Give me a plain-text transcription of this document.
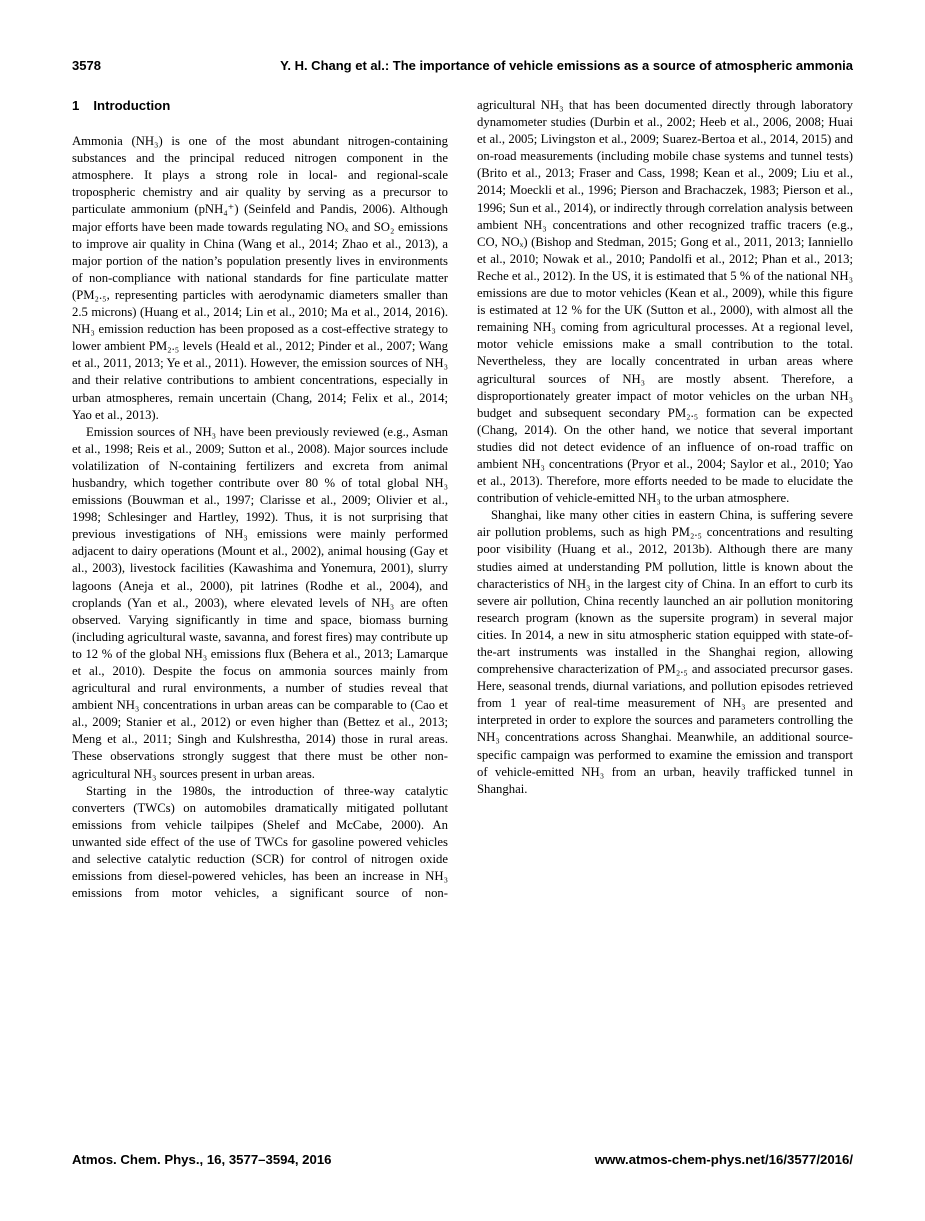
3578	Y. H. Chang et al.: The importance of vehicle emissions as a source of atmospheric ammonia
1 Introduction

Ammonia (NH₃) is one of the most abundant nitrogen-containing substances and the principal reduced nitrogen component in the atmosphere. It plays a strong role in local- and regional-scale tropospheric chemistry and air quality by serving as a precursor to particulate ammonium (pNH₄⁺) (Seinfeld and Pandis, 2006). Although major efforts have been made towards regulating NOₓ and SO₂ emissions to improve air quality in China (Wang et al., 2014; Zhao et al., 2013), a major portion of the nation’s population presently lives in environments of non-compliance with national standards for fine particulate matter (PM₂.₅, representing particles with aerodynamic diameters smaller than 2.5 microns) (Huang et al., 2014; Lin et al., 2010; Ma et al., 2014, 2016). NH₃ emission reduction has been proposed as a cost-effective strategy to lower ambient PM₂.₅ levels (Heald et al., 2012; Pinder et al., 2007; Wang et al., 2011, 2013; Ye et al., 2011). However, the emission sources of NH₃ and their relative contributions to ambient concentrations, especially in urban atmospheres, remain uncertain (Chang, 2014; Felix et al., 2014; Yao et al., 2013).

Emission sources of NH₃ have been previously reviewed (e.g., Asman et al., 1998; Reis et al., 2009; Sutton et al., 2008). Major sources include volatilization of N-containing fertilizers and excreta from animal husbandry, which together contribute over 80 % of total global NH₃ emissions (Bouwman et al., 1997; Clarisse et al., 2009; Olivier et al., 1998; Schlesinger and Hartley, 1992). Thus, it is not surprising that previous investigations of NH₃ emissions were mainly performed adjacent to dairy operations (Mount et al., 2002), animal housing (Gay et al., 2003), livestock facilities (Kawashima and Yonemura, 2001), slurry lagoons (Aneja et al., 2000), pit latrines (Rodhe et al., 2004), and croplands (Yan et al., 2003), where elevated levels of NH₃ are often observed. Varying significantly in time and space, biomass burning (including agricultural waste, savanna, and forest fires) may contribute up to 12 % of the global NH₃ emissions flux (Behera et al., 2013; Lamarque et al., 2010). Despite the focus on ammonia sources mainly from agricultural and rural environments, a number of studies reveal that ambient NH₃ concentrations in urban areas can be comparable to (Cao et al., 2009; Stanier et al., 2012) or even higher than (Bettez et al., 2013; Meng et al., 2011; Singh and Kulshrestha, 2014) those in rural areas. These observations strongly suggest that there must be other non-agricultural NH₃ sources present in urban areas.

Starting in the 1980s, the introduction of three-way catalytic converters (TWCs) on automobiles dramatically mitigated pollutant emissions from vehicle tailpipes (Shelef and McCabe, 2000). An unwanted side effect of the use of TWCs for gasoline powered vehicles and selective catalytic reduction (SCR) for control of nitrogen oxide emissions from diesel-powered vehicles, has been an increase in NH₃ emissions from motor vehicles, a significant source of non-

agricultural NH₃ that has been documented directly through laboratory dynamometer studies (Durbin et al., 2002; Heeb et al., 2006, 2008; Huai et al., 2005; Livingston et al., 2009; Suarez-Bertoa et al., 2014, 2015) and on-road measurements (including mobile chase systems and tunnel tests) (Brito et al., 2013; Fraser and Cass, 1998; Kean et al., 2009; Liu et al., 2014; Moeckli et al., 1996; Pierson and Brachaczek, 1983; Pierson et al., 1996; Sun et al., 2014), or indirectly through correlation analysis between ambient NH₃ concentrations and other recognized traffic tracers (e.g., CO, NOₓ) (Bishop and Stedman, 2015; Gong et al., 2011, 2013; Ianniello et al., 2010; Nowak et al., 2010; Pandolfi et al., 2012; Phan et al., 2013; Reche et al., 2012). In the US, it is estimated that 5 % of the national NH₃ emissions are due to motor vehicles (Kean et al., 2009), while this figure is estimated at 12 % for the UK (Sutton et al., 2000), with almost all the remaining NH₃ coming from agricultural processes. At a regional level, motor vehicle emissions make a small contribution to the total. Nevertheless, they are locally concentrated in urban areas where agricultural sources of NH₃ are mostly absent. Therefore, a disproportionately greater impact of motor vehicles on the urban NH₃ budget and subsequent secondary PM₂.₅ formation can be expected (Chang, 2014). On the other hand, we notice that several important studies did not detect evidence of an influence of on-road traffic on ambient NH₃ concentrations (Pryor et al., 2004; Saylor et al., 2010; Yao et al., 2013). Therefore, more efforts needed to be made to elucidate the contribution of vehicle-emitted NH₃ to the urban atmosphere.

Shanghai, like many other cities in eastern China, is suffering severe air pollution problems, such as high PM₂.₅ concentrations and resulting poor visibility (Huang et al., 2012, 2013b). Although there are many studies aimed at understanding PM pollution, little is known about the characteristics of NH₃ in the largest city of China. In an effort to curb its severe air pollution, China recently launched an air pollution monitoring research program (known as the supersite program) in several major cities. In 2014, a new in situ atmospheric station equipped with state-of-the-art instruments was installed in the Shanghai region, allowing comprehensive characterization of PM₂.₅ and associated precursor gases. Here, seasonal trends, diurnal variations, and pollution episodes retrieved from 1 year of real-time measurement of NH₃ are presented and interpreted in order to explore the sources and parameters controlling the NH₃ concentrations across Shanghai. Meanwhile, an additional source-specific campaign was performed to examine the emission and transport of vehicle-emitted NH₃ from an urban, heavily trafficked tunnel in Shanghai.

Atmos. Chem. Phys., 16, 3577–3594, 2016	www.atmos-chem-phys.net/16/3577/2016/
